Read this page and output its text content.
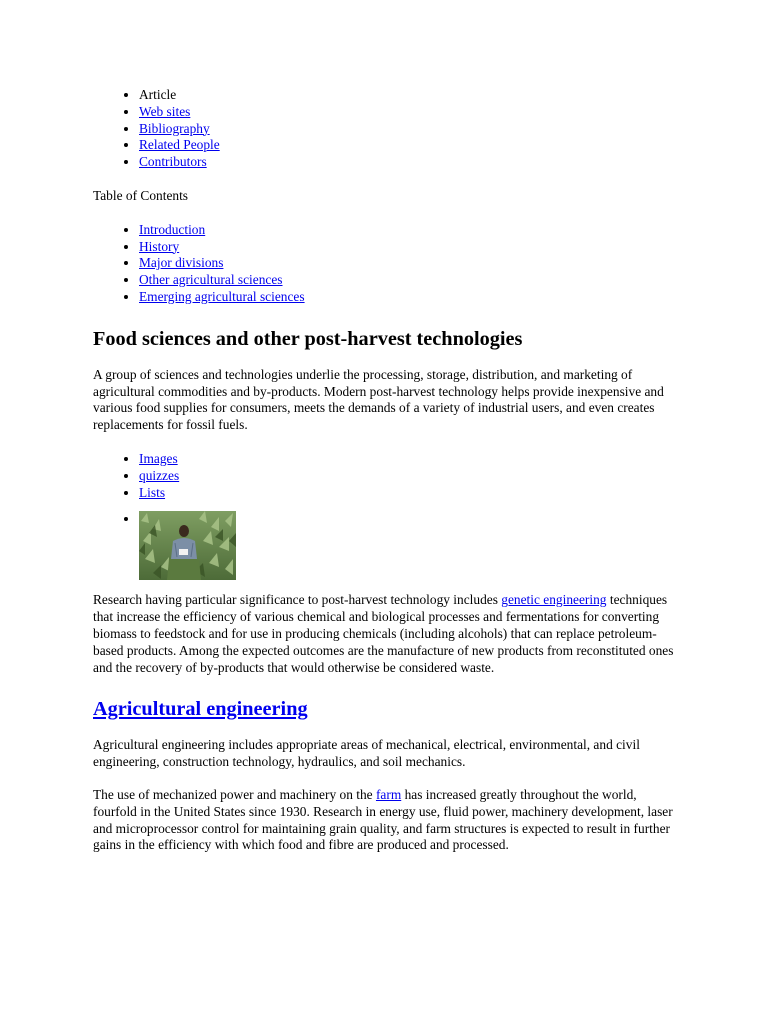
• Article
• Web sites
• Bibliography
• Related People
• Contributors

Table of Contents

• Introduction
• History
• Major divisions
• Other agricultural sciences
• Emerging agricultural sciences
Food sciences and other post-harvest technologies

A group of sciences and technologies underlie the processing, storage, distribution, and marketing of agricultural commodities and by-products. Modern post-harvest technology helps provide inexpensive and various food supplies for consumers, meets the demands of a variety of industrial users, and even creates replacements for fossil fuels.

• Images
• quizzes
• Lists
•

Research having particular significance to post-harvest technology includes genetic engineering techniques that increase the efficiency of various chemical and biological processes and fermentations for converting biomass to feedstock and for use in producing chemicals (including alcohols) that can replace petroleum-based products. Among the expected outcomes are the manufacture of new products from reconstituted ones and the recovery of by-products that would otherwise be considered waste.

Agricultural engineering

Agricultural engineering includes appropriate areas of mechanical, electrical, environmental, and civil engineering, construction technology, hydraulics, and soil mechanics.

The use of mechanized power and machinery on the farm has increased greatly throughout the world, fourfold in the United States since 1930. Research in energy use, fluid power, machinery development, laser and microprocessor control for maintaining grain quality, and farm structures is expected to result in further gains in the efficiency with which food and fibre are produced and processed.
